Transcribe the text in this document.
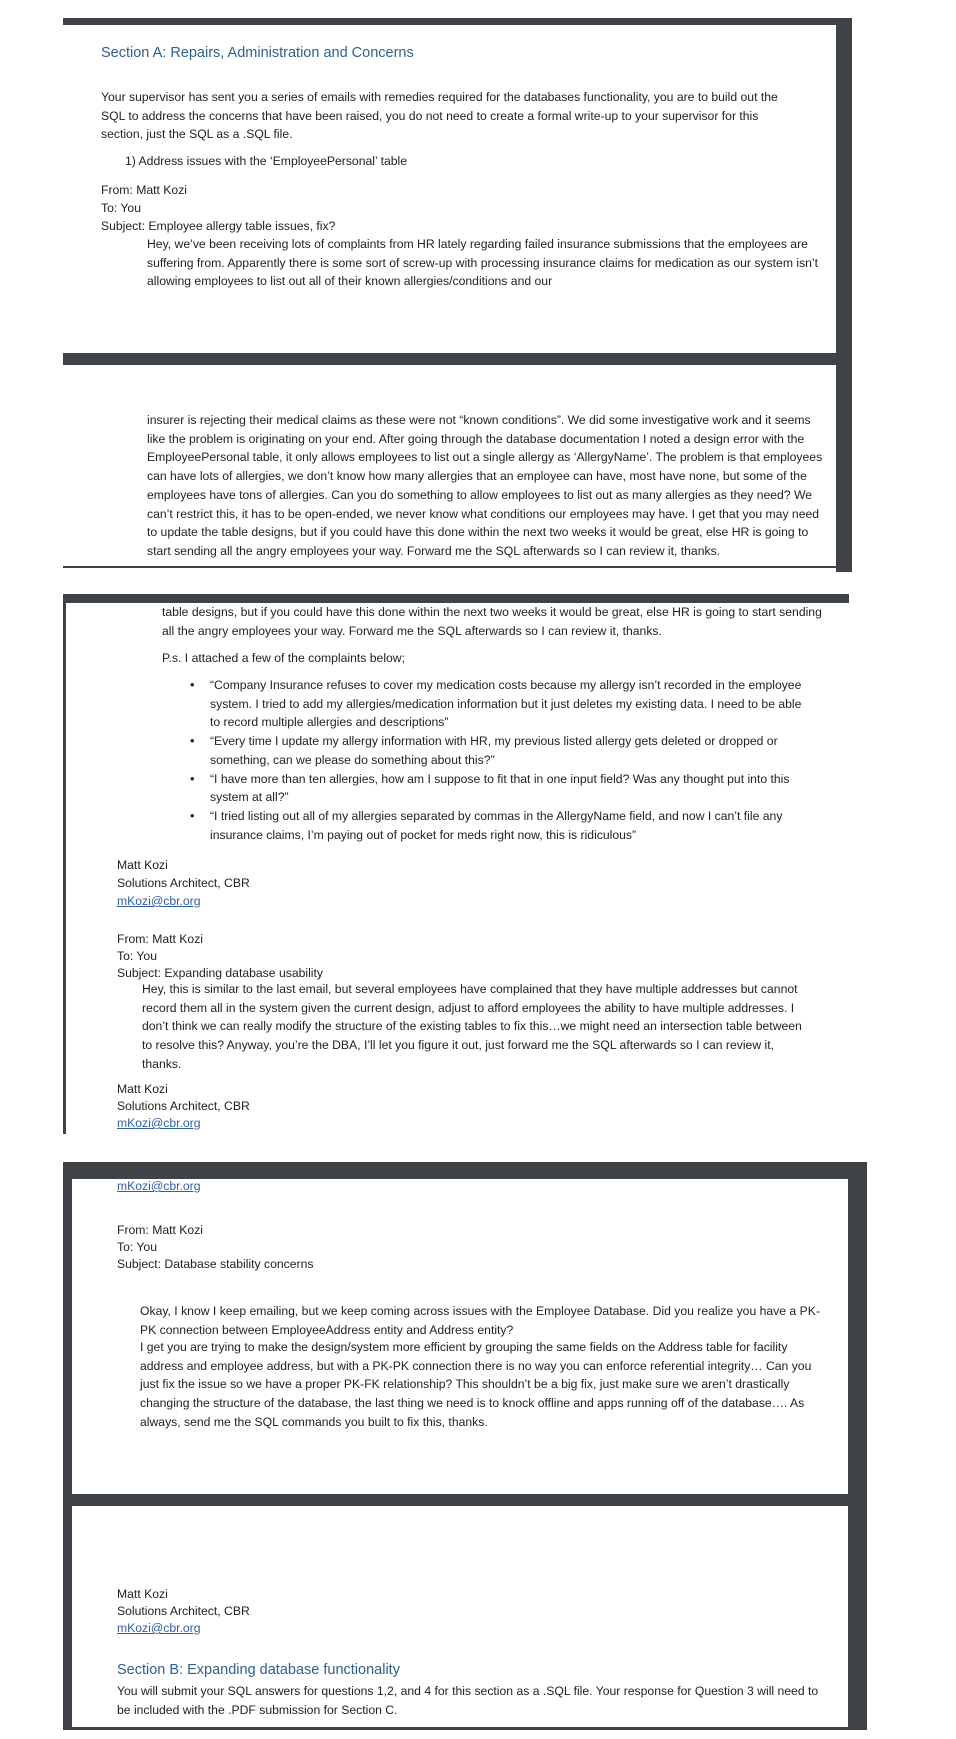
Section A: Repairs, Administration and Concerns
Your supervisor has sent you a series of emails with remedies required for the databases functionality, you are to build out the SQL to address the concerns that have been raised, you do not need to create a formal write-up to your supervisor for this section, just the SQL as a .SQL file.
1) Address issues with the ‘EmployeePersonal’ table
From: Matt Kozi
To: You
Subject: Employee allergy table issues, fix?
Hey, we’ve been receiving lots of complaints from HR lately regarding failed insurance submissions that the employees are suffering from. Apparently there is some sort of screw-up with processing insurance claims for medication as our system isn’t allowing employees to list out all of their known allergies/conditions and our
insurer is rejecting their medical claims as these were not “known conditions”. We did some investigative work and it seems like the problem is originating on your end. After going through the database documentation I noted a design error with the EmployeePersonal table, it only allows employees to list out a single allergy as ‘AllergyName’. The problem is that employees can have lots of allergies, we don’t know how many allergies that an employee can have, most have none, but some of the employees have tons of allergies. Can you do something to allow employees to list out as many allergies as they need? We can’t restrict this, it has to be open-ended, we never know what conditions our employees may have. I get that you may need to update the table designs, but if you could have this done within the next two weeks it would be great, else HR is going to start sending all the angry employees your way. Forward me the SQL afterwards so I can review it, thanks.
table designs, but if you could have this done within the next two weeks it would be great, else HR is going to start sending all the angry employees your way. Forward me the SQL afterwards so I can review it, thanks.
P.s. I attached a few of the complaints below;
• “Company Insurance refuses to cover my medication costs because my allergy isn’t recorded in the employee system. I tried to add my allergies/medication information but it just deletes my existing data. I need to be able to record multiple allergies and descriptions”
• “Every time I update my allergy information with HR, my previous listed allergy gets deleted or dropped or something, can we please do something about this?”
• “I have more than ten allergies, how am I suppose to fit that in one input field? Was any thought put into this system at all?”
• “I tried listing out all of my allergies separated by commas in the AllergyName field, and now I can’t file any insurance claims, I’m paying out of pocket for meds right now, this is ridiculous”
Matt Kozi
Solutions Architect, CBR
mKozi@cbr.org
From: Matt Kozi
To: You
Subject: Expanding database usability
Hey, this is similar to the last email, but several employees have complained that they have multiple addresses but cannot record them all in the system given the current design, adjust to afford employees the ability to have multiple addresses. I don’t think we can really modify the structure of the existing tables to fix this…we might need an intersection table between to resolve this? Anyway, you’re the DBA, I’ll let you figure it out, just forward me the SQL afterwards so I can review it, thanks.
Matt Kozi
Solutions Architect, CBR
mKozi@cbr.org
mKozi@cbr.org
From: Matt Kozi
To: You
Subject: Database stability concerns
Okay, I know I keep emailing, but we keep coming across issues with the Employee Database. Did you realize you have a PK-PK connection between EmployeeAddress entity and Address entity?
I get you are trying to make the design/system more efficient by grouping the same fields on the Address table for facility address and employee address, but with a PK-PK connection there is no way you can enforce referential integrity… Can you just fix the issue so we have a proper PK-FK relationship? This shouldn’t be a big fix, just make sure we aren’t drastically changing the structure of the database, the last thing we need is to knock offline and apps running off of the database…. As always, send me the SQL commands you built to fix this, thanks.
Matt Kozi
Solutions Architect, CBR
mKozi@cbr.org
Section B: Expanding database functionality
You will submit your SQL answers for questions 1,2, and 4 for this section as a .SQL file. Your response for Question 3 will need to be included with the .PDF submission for Section C.
